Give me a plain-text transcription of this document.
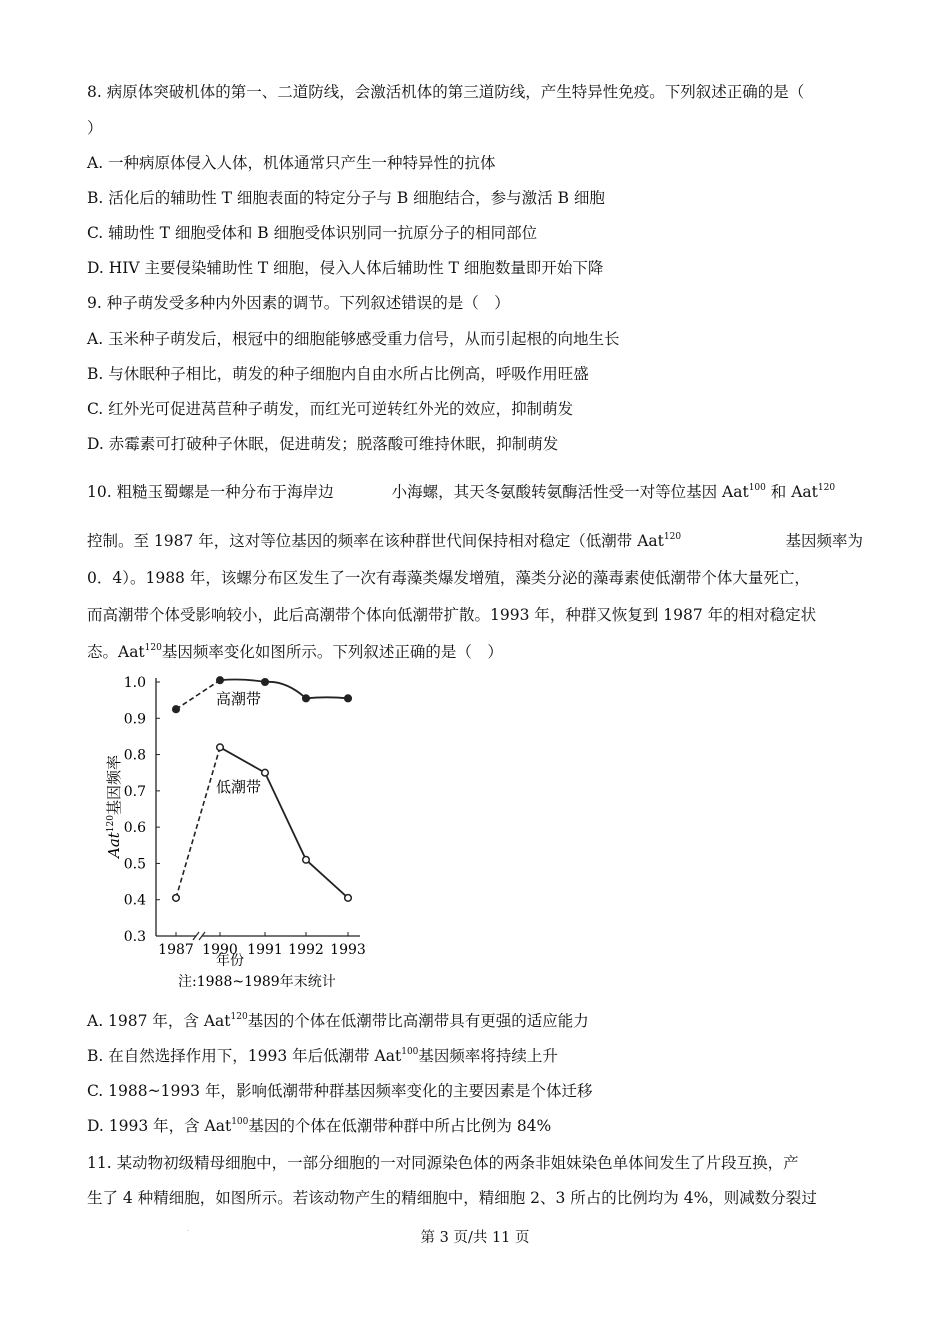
8. 病原体突破机体的第一、二道防线，会激活机体的第三道防线，产生特异性免疫。下列叙述正确的是（
）
A. 一种病原体侵入人体，机体通常只产生一种特异性的抗体
B. 活化后的辅助性 T 细胞表面的特定分子与 B 细胞结合，参与激活 B 细胞
C. 辅助性 T 细胞受体和 B 细胞受体识别同一抗原分子的相同部位
D. HIV 主要侵染辅助性 T 细胞，侵入人体后辅助性 T 细胞数量即开始下降
9. 种子萌发受多种内外因素的调节。下列叙述错误的是（　）
A. 玉米种子萌发后，根冠中的细胞能够感受重力信号，从而引起根的向地生长
B. 与休眠种子相比，萌发的种子细胞内自由水所占比例高，呼吸作用旺盛
C. 红外光可促进莴苣种子萌发，而红光可逆转红外光的效应，抑制萌发
D. 赤霉素可打破种子休眠，促进萌发；脱落酸可维持休眠，抑制萌发
10. 粗糙玉蜀螺是一种分布于海岸边	小海螺，其天冬氨酸转氨酶活性受一对等位基因 Aat$^{100}$ 和 Aat$^{120}$
控制。至 1987 年，这对等位基因的频率在该种群世代间保持相对稳定（低潮带 Aat$^{120}$	基因频率为
0．4）。1988 年，该螺分布区发生了一次有毒藻类爆发增殖，藻类分泌的藻毒素使低潮带个体大量死亡，
而高潮带个体受影响较小，此后高潮带个体向低潮带扩散。1993 年，种群又恢复到 1987 年的相对稳定状
态。Aat$^{120}$基因频率变化如图所示。下列叙述正确的是（　）
1.0
0.9
0.8
0.7
0.6
0.5
0.4
0.3
1987 1990 1991 1992 1993
高潮带
低潮带
年份
注:1988~1989年末统计
Aat$^{120}$基因频率
A. 1987 年，含 Aat$^{120}$基因的个体在低潮带比高潮带具有更强的适应能力
B. 在自然选择作用下，1993 年后低潮带 Aat$^{100}$基因频率将持续上升
C. 1988~1993 年，影响低潮带种群基因频率变化的主要因素是个体迁移
D. 1993 年，含 Aat$^{100}$基因的个体在低潮带种群中所占比例为 84%
11. 某动物初级精母细胞中，一部分细胞的一对同源染色体的两条非姐妹染色单体间发生了片段互换，产
生了 4 种精细胞，如图所示。若该动物产生的精细胞中，精细胞 2、3 所占的比例均为 4%，则减数分裂过
·	第 3 页/共 11 页
